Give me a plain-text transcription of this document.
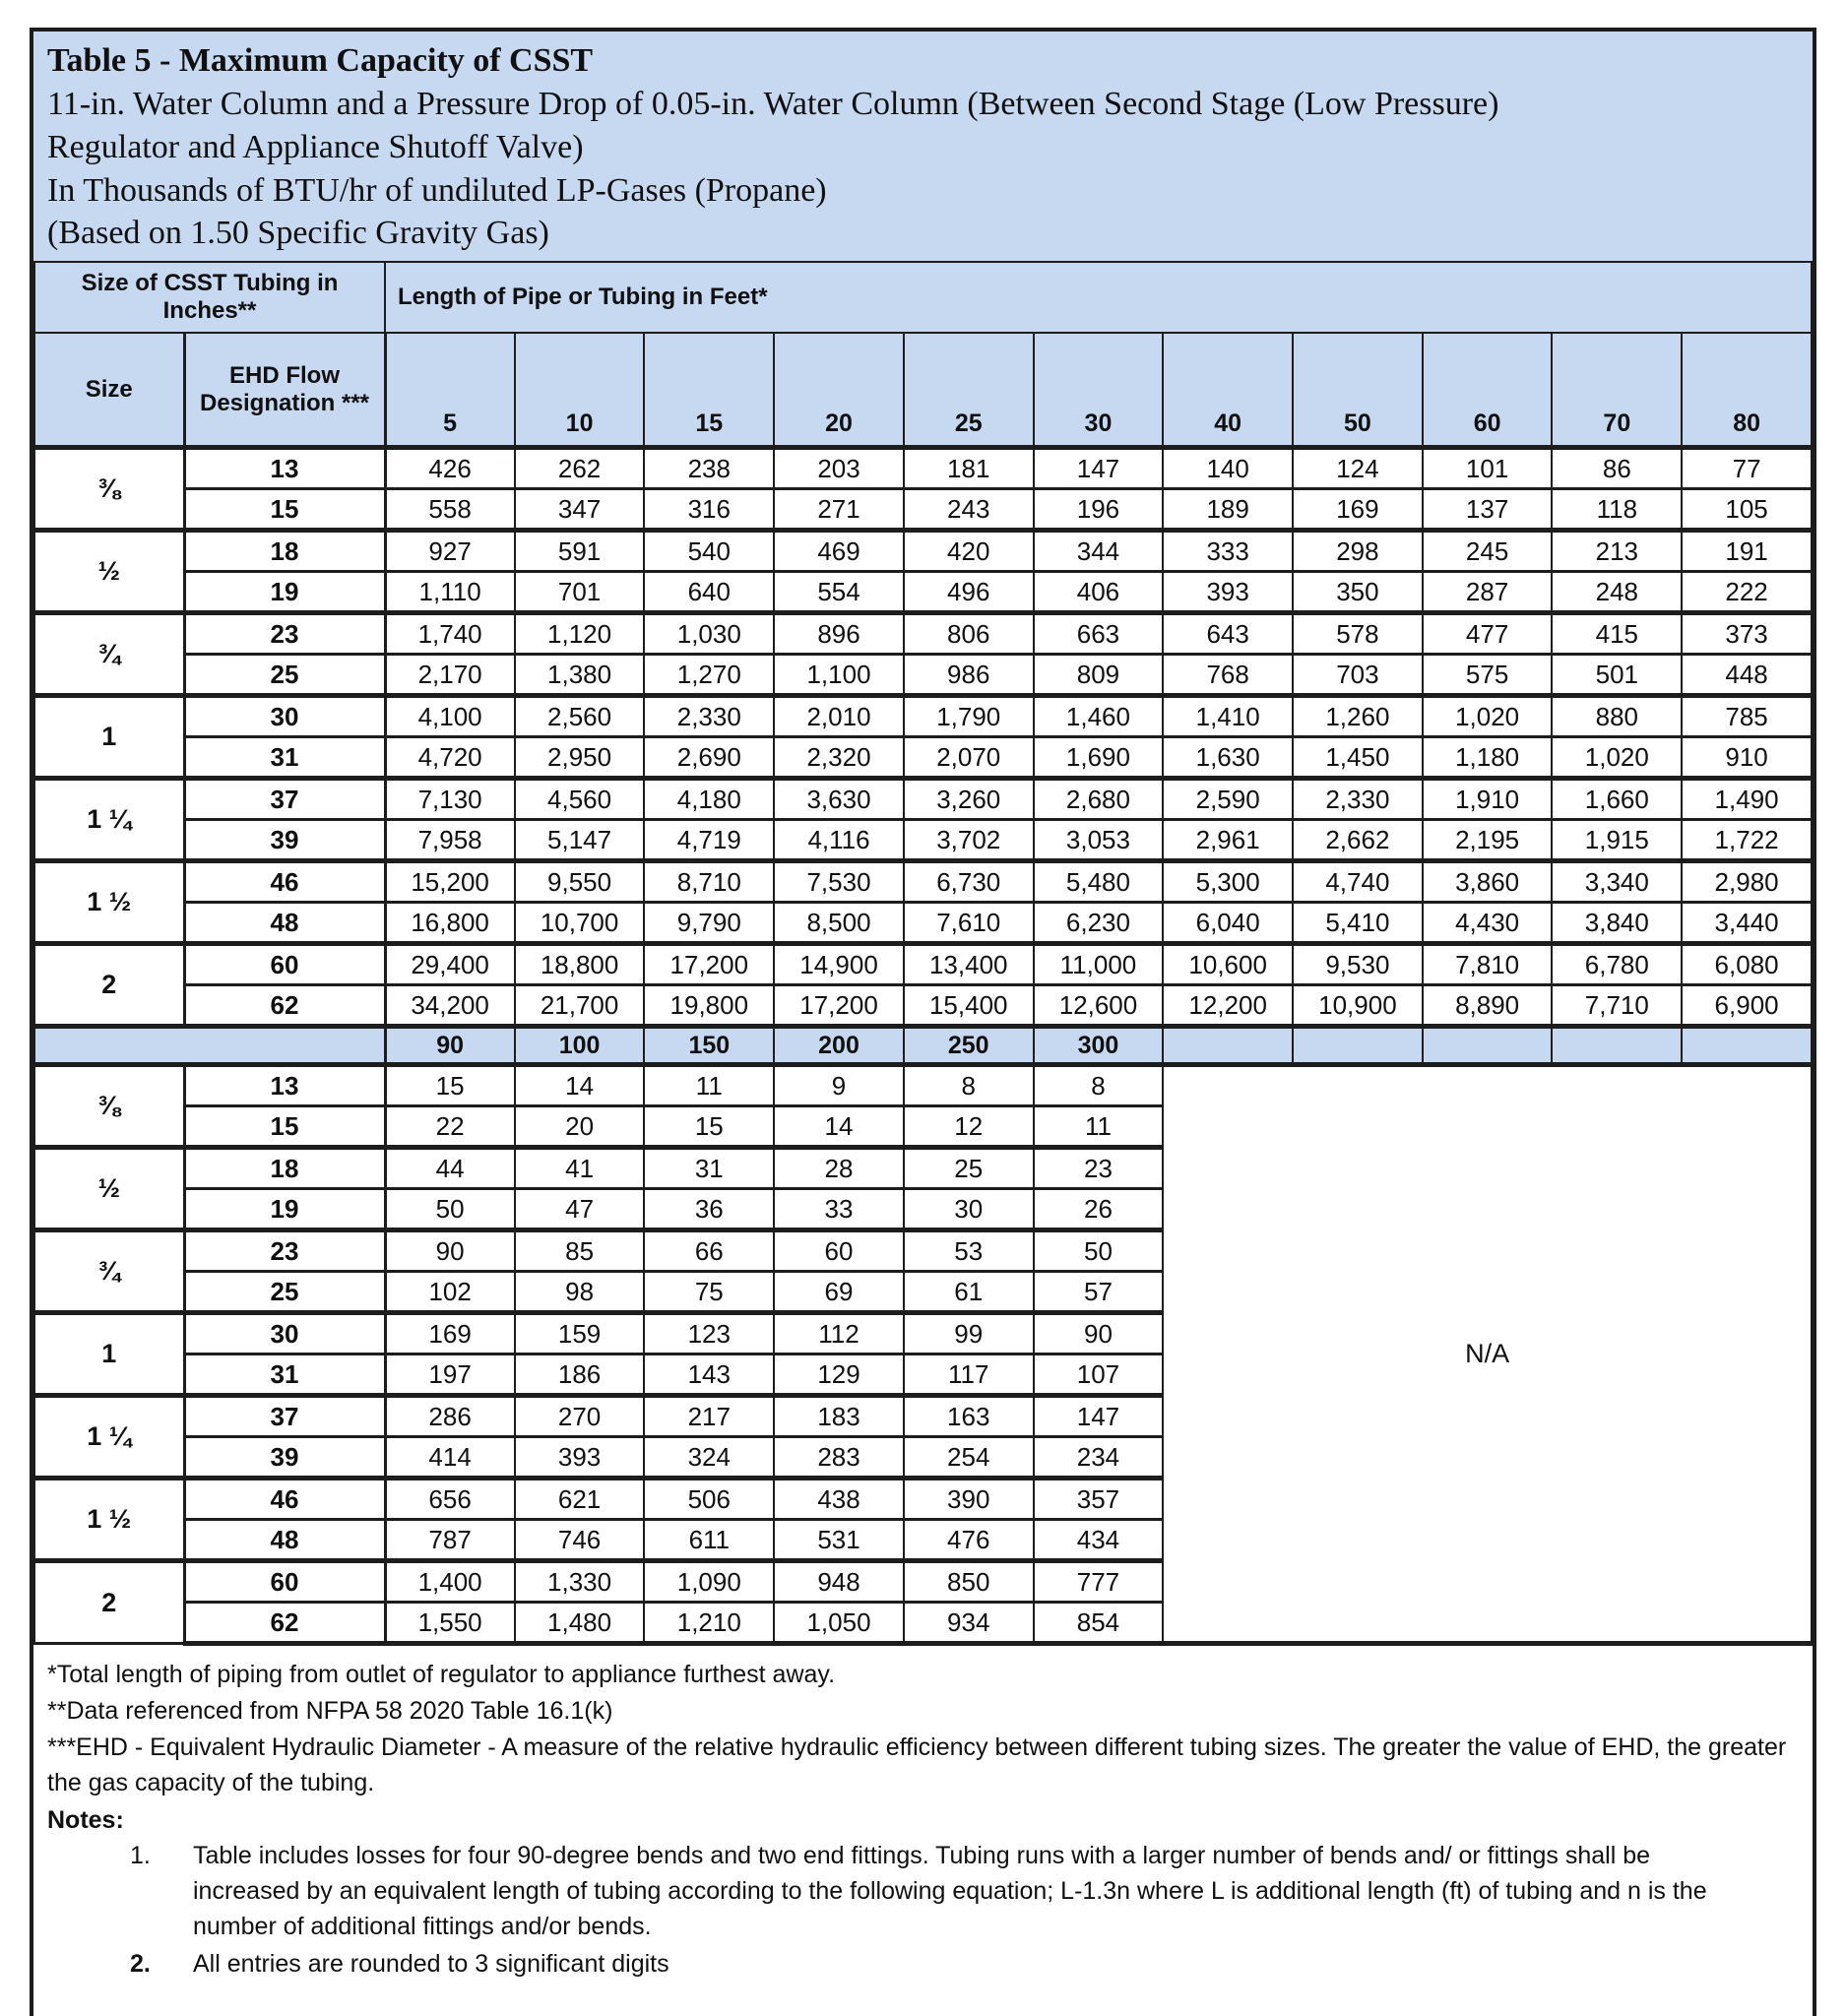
Table 5 - Maximum Capacity of CSST
11-in. Water Column and a Pressure Drop of 0.05-in. Water Column (Between Second Stage (Low Pressure)
Regulator and Appliance Shutoff Valve)
In Thousands of BTU/hr of undiluted LP-Gases (Propane)
(Based on 1.50 Specific Gravity Gas)
Size of CSST Tubing in Inches**		Length of Pipe or Tubing in Feet*										
Size	EHD Flow Designation ***	5	10	15	20	25	30	40	50	60	70	80
⅜	13	426	262	238	203	181	147	140	124	101	86	77
	15	558	347	316	271	243	196	189	169	137	118	105
½	18	927	591	540	469	420	344	333	298	245	213	191
	19	1,110	701	640	554	496	406	393	350	287	248	222
¾	23	1,740	1,120	1,030	896	806	663	643	578	477	415	373
	25	2,170	1,380	1,270	1,100	986	809	768	703	575	501	448
1	30	4,100	2,560	2,330	2,010	1,790	1,460	1,410	1,260	1,020	880	785
	31	4,720	2,950	2,690	2,320	2,070	1,690	1,630	1,450	1,180	1,020	910
1 ¼	37	7,130	4,560	4,180	3,630	3,260	2,680	2,590	2,330	1,910	1,660	1,490
	39	7,958	5,147	4,719	4,116	3,702	3,053	2,961	2,662	2,195	1,915	1,722
1 ½	46	15,200	9,550	8,710	7,530	6,730	5,480	5,300	4,740	3,860	3,340	2,980
	48	16,800	10,700	9,790	8,500	7,610	6,230	6,040	5,410	4,430	3,840	3,440
2	60	29,400	18,800	17,200	14,900	13,400	11,000	10,600	9,530	7,810	6,780	6,080
	62	34,200	21,700	19,800	17,200	15,400	12,600	12,200	10,900	8,890	7,710	6,900
		90	100	150	200	250	300					
⅜	13	15	14	11	9	8	8	N/A				
	15	22	20	15	14	12	11					
½	18	44	41	31	28	25	23					
	19	50	47	36	33	30	26					
¾	23	90	85	66	60	53	50					
	25	102	98	75	69	61	57					
1	30	169	159	123	112	99	90					
	31	197	186	143	129	117	107					
1 ¼	37	286	270	217	183	163	147					
	39	414	393	324	283	254	234					
1 ½	46	656	621	506	438	390	357					
	48	787	746	611	531	476	434					
2	60	1,400	1,330	1,090	948	850	777					
	62	1,550	1,480	1,210	1,050	934	854					
*Total length of piping from outlet of regulator to appliance furthest away.
**Data referenced from NFPA 58 2020 Table 16.1(k)
***EHD - Equivalent Hydraulic Diameter - A measure of the relative hydraulic efficiency between different tubing sizes. The greater the value of EHD, the greater the gas capacity of the tubing.
Notes:
1.	Table includes losses for four 90-degree bends and two end fittings. Tubing runs with a larger number of bends and/ or fittings shall be increased by an equivalent length of tubing according to the following equation; L-1.3n where L is additional length (ft) of tubing and n is the number of additional fittings and/or bends.
2.	All entries are rounded to 3 significant digits
